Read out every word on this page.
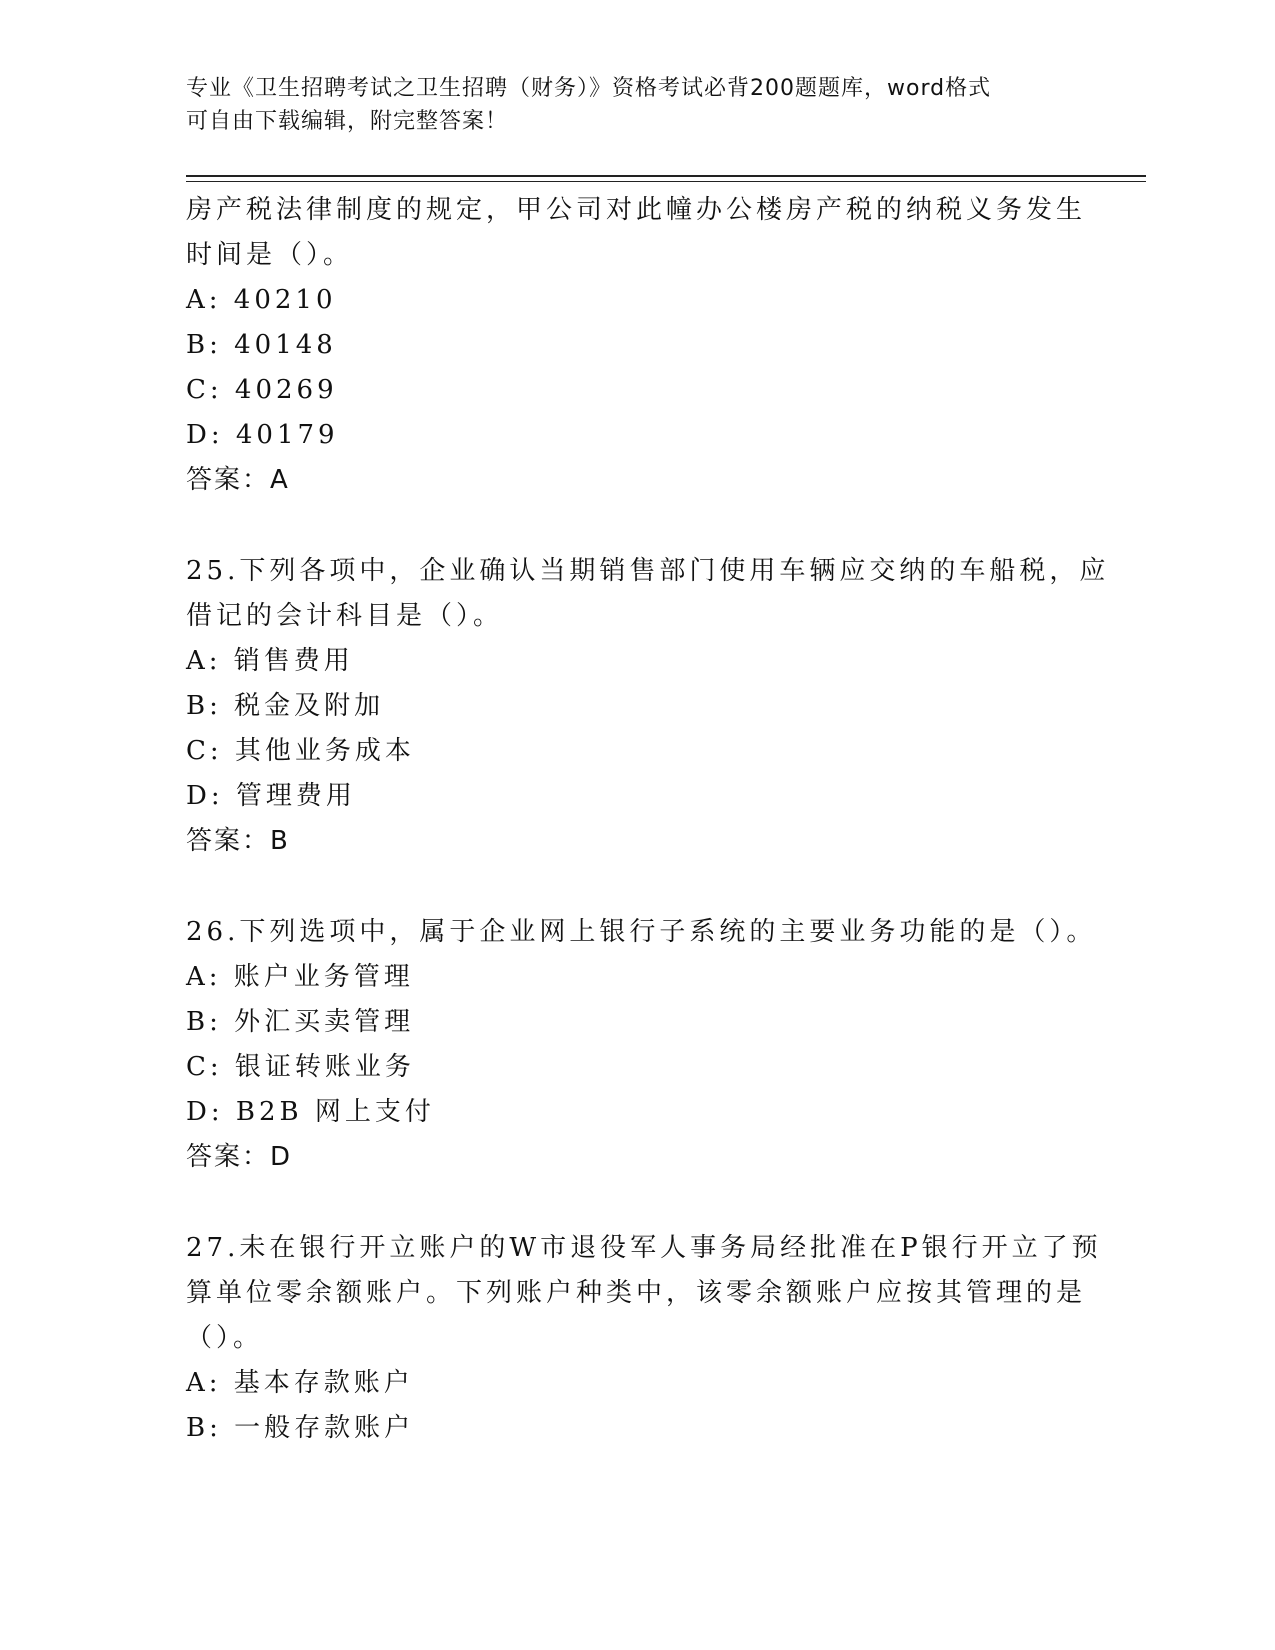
专业《卫生招聘考试之卫生招聘（财务）》资格考试必背200题题库，word格式
可自由下载编辑，附完整答案！
房产税法律制度的规定，甲公司对此幢办公楼房产税的纳税义务发生
时间是（）。
A: 40210
B: 40148
C: 40269
D: 40179
答案：A
25.下列各项中，企业确认当期销售部门使用车辆应交纳的车船税，应
借记的会计科目是（）。
A: 销售费用
B: 税金及附加
C: 其他业务成本
D: 管理费用
答案：B
26.下列选项中，属于企业网上银行子系统的主要业务功能的是（）。
A: 账户业务管理
B: 外汇买卖管理
C: 银证转账业务
D: B2B 网上支付
答案：D
27.未在银行开立账户的W市退役军人事务局经批准在P银行开立了预
算单位零余额账户。下列账户种类中，该零余额账户应按其管理的是
（）。
A: 基本存款账户
B: 一般存款账户
